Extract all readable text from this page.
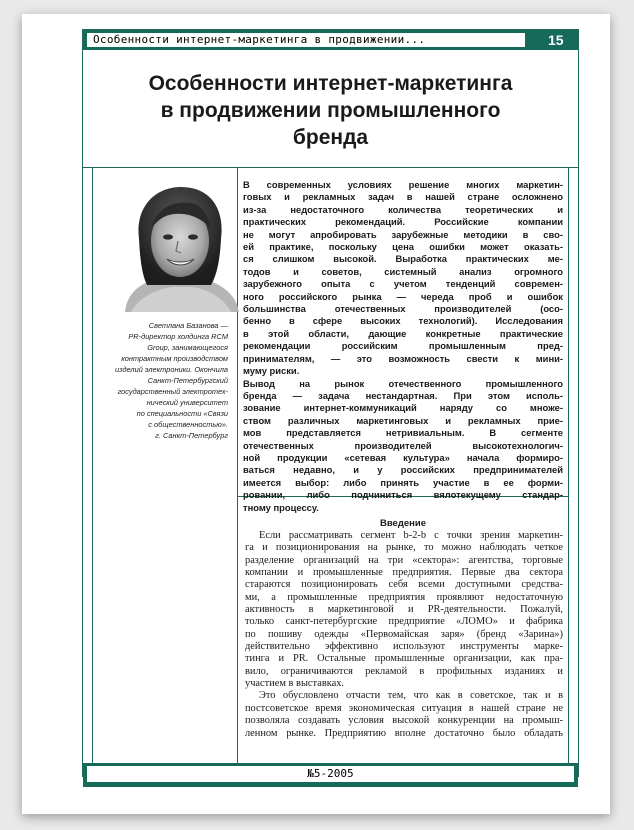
Особенности интернет-маркетинга в продвижении...	15
Особенности интернет-маркетинга
в продвижении промышленного
бренда
Светлана Базанова —
PR-директор холдинга RCM
Group, занимающегося
контрактным производством
изделий электроники. Окончила
Санкт-Петербургский
государственный электротех-
нический университет
по специальности «Связи
с общественностью».
г. Санкт-Петербург
В современных условиях решение многих маркетин-
говых и рекламных задач в нашей стране осложнено
из-за недостаточного количества теоретических и
практических рекомендаций. Российские компании
не могут апробировать зарубежные методики в сво-
ей практике, поскольку цена ошибки может оказать-
ся слишком высокой. Выработка практических ме-
тодов и советов, системный анализ огромного
зарубежного опыта с учетом тенденций современ-
ного российского рынка — череда проб и ошибок
большинства отечественных производителей (осо-
бенно в сфере высоких технологий). Исследования
в этой области, дающие конкретные практические
рекомендации российским промышленным пред-
принимателям, — это возможность свести к мини-
муму риски.
Вывод на рынок отечественного промышленного
бренда — задача нестандартная. При этом исполь-
зование интернет-коммуникаций наряду со множе-
ством различных маркетинговых и рекламных прие-
мов представляется нетривиальным. В сегменте
отечественных производителей высокотехнологич-
ной продукции «сетевая культура» начала формиро-
ваться недавно, и у российских предпринимателей
имеется выбор: либо принять участие в ее форми-
ровании, либо подчиниться вялотекущему стандар-
тному процессу.
Введение
Если рассматривать сегмент b-2-b с точки зрения маркетин-
га и позиционирования на рынке, то можно наблюдать четкое
разделение организаций на три «сектора»: агентства, торговые
компании и промышленные предприятия. Первые два сектора
стараются позиционировать себя всеми доступными средства-
ми, а промышленные предприятия проявляют недостаточную
активность в маркетинговой и PR-деятельности. Пожалуй,
только санкт-петербургские предприятие «ЛОМО» и фабрика
по пошиву одежды «Первомайская заря» (бренд «Зарина»)
действительно эффективно используют инструменты марке-
тинга и PR. Остальные промышленные организации, как пра-
вило, ограничиваются рекламой в профильных изданиях и
участием в выставках.
Это обусловлено отчасти тем, что как в советское, так и в
постсоветское время экономическая ситуация в нашей стране не
позволяла создавать условия высокой конкуренции на промыш-
ленном рынке. Предприятию вполне достаточно было обладать
№5-2005
